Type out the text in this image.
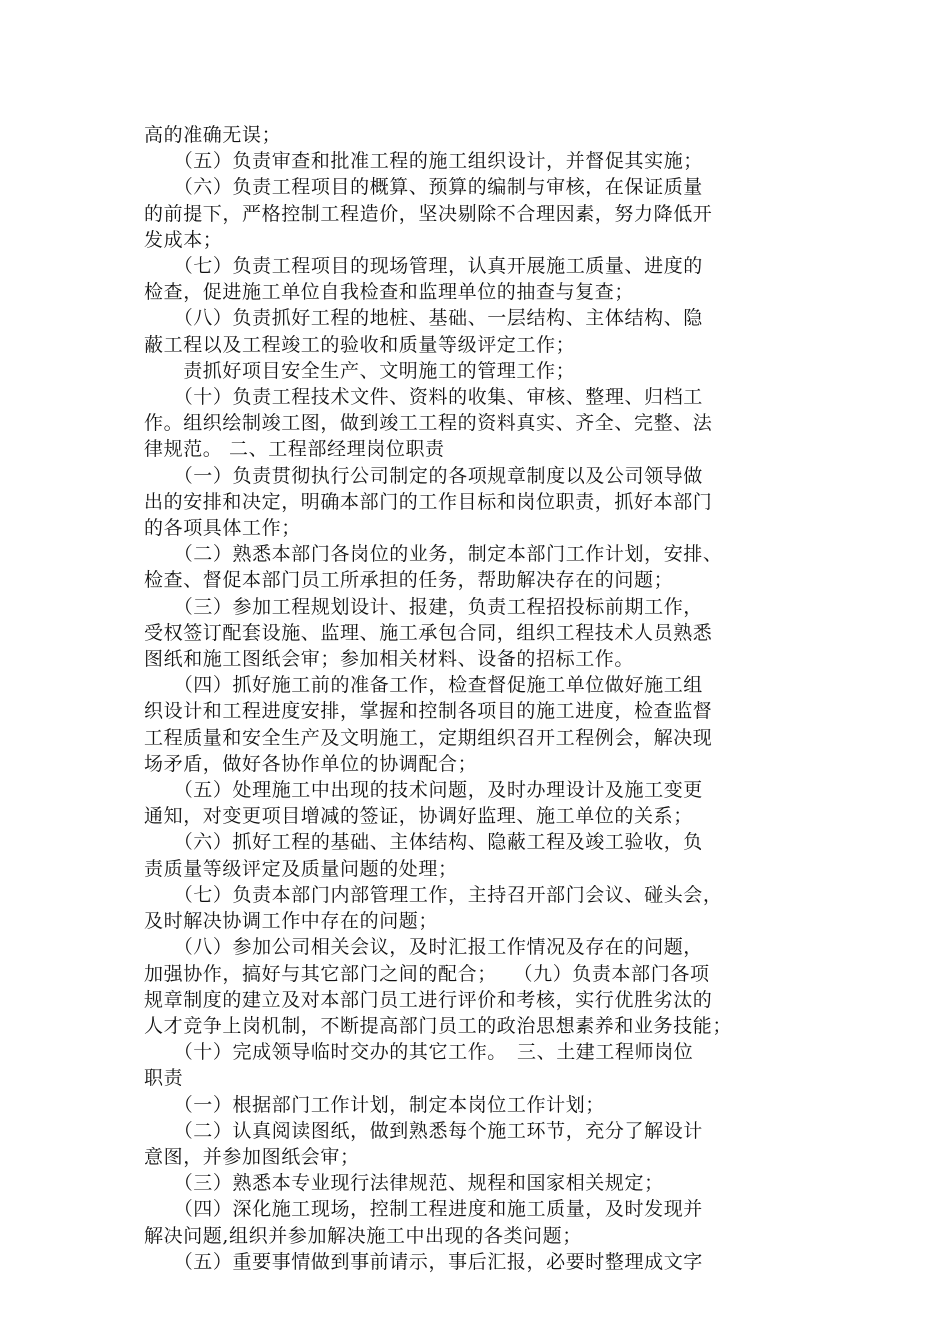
高的准确无误；

　　（五）负责审查和批准工程的施工组织设计，并督促其实施；

　　（六）负责工程项目的概算、预算的编制与审核，在保证质量

的前提下，严格控制工程造价，坚决剔除不合理因素，努力降低开

发成本；

　　（七）负责工程项目的现场管理，认真开展施工质量、进度的

检查，促进施工单位自我检查和监理单位的抽查与复查；

　　（八）负责抓好工程的地桩、基础、一层结构、主体结构、隐

蔽工程以及工程竣工的验收和质量等级评定工作；

　　责抓好项目安全生产、文明施工的管理工作；

　　（十）负责工程技术文件、资料的收集、审核、整理、归档工

作。组织绘制竣工图，做到竣工工程的资料真实、齐全、完整、法

律规范。 二、工程部经理岗位职责

　　（一）负责贯彻执行公司制定的各项规章制度以及公司领导做

出的安排和决定，明确本部门的工作目标和岗位职责，抓好本部门

的各项具体工作；

　　（二）熟悉本部门各岗位的业务，制定本部门工作计划，安排、

检查、督促本部门员工所承担的任务，帮助解决存在的问题；

　　（三）参加工程规划设计、报建，负责工程招投标前期工作，

受权签订配套设施、监理、施工承包合同，组织工程技术人员熟悉

图纸和施工图纸会审；参加相关材料、设备的招标工作。

　　（四）抓好施工前的准备工作，检查督促施工单位做好施工组

织设计和工程进度安排，掌握和控制各项目的施工进度，检查监督

工程质量和安全生产及文明施工，定期组织召开工程例会，解决现

场矛盾，做好各协作单位的协调配合；

　　（五）处理施工中出现的技术问题，及时办理设计及施工变更

通知，对变更项目增减的签证，协调好监理、施工单位的关系；

　　（六）抓好工程的基础、主体结构、隐蔽工程及竣工验收，负

责质量等级评定及质量问题的处理；

　　（七）负责本部门内部管理工作，主持召开部门会议、碰头会，

及时解决协调工作中存在的问题；

　　（八）参加公司相关会议，及时汇报工作情况及存在的问题，

加强协作，搞好与其它部门之间的配合；　 （九）负责本部门各项

规章制度的建立及对本部门员工进行评价和考核，实行优胜劣汰的

人才竞争上岗机制，不断提高部门员工的政治思想素养和业务技能；

　　（十）完成领导临时交办的其它工作。　三、土建工程师岗位

职责

　　（一）根据部门工作计划，制定本岗位工作计划；

　　（二）认真阅读图纸，做到熟悉每个施工环节，充分了解设计

意图，并参加图纸会审；

　　（三）熟悉本专业现行法律规范、规程和国家相关规定；

　　（四）深化施工现场，控制工程进度和施工质量，及时发现并

解决问题,组织并参加解决施工中出现的各类问题；

　　（五）重要事情做到事前请示，事后汇报，必要时整理成文字
